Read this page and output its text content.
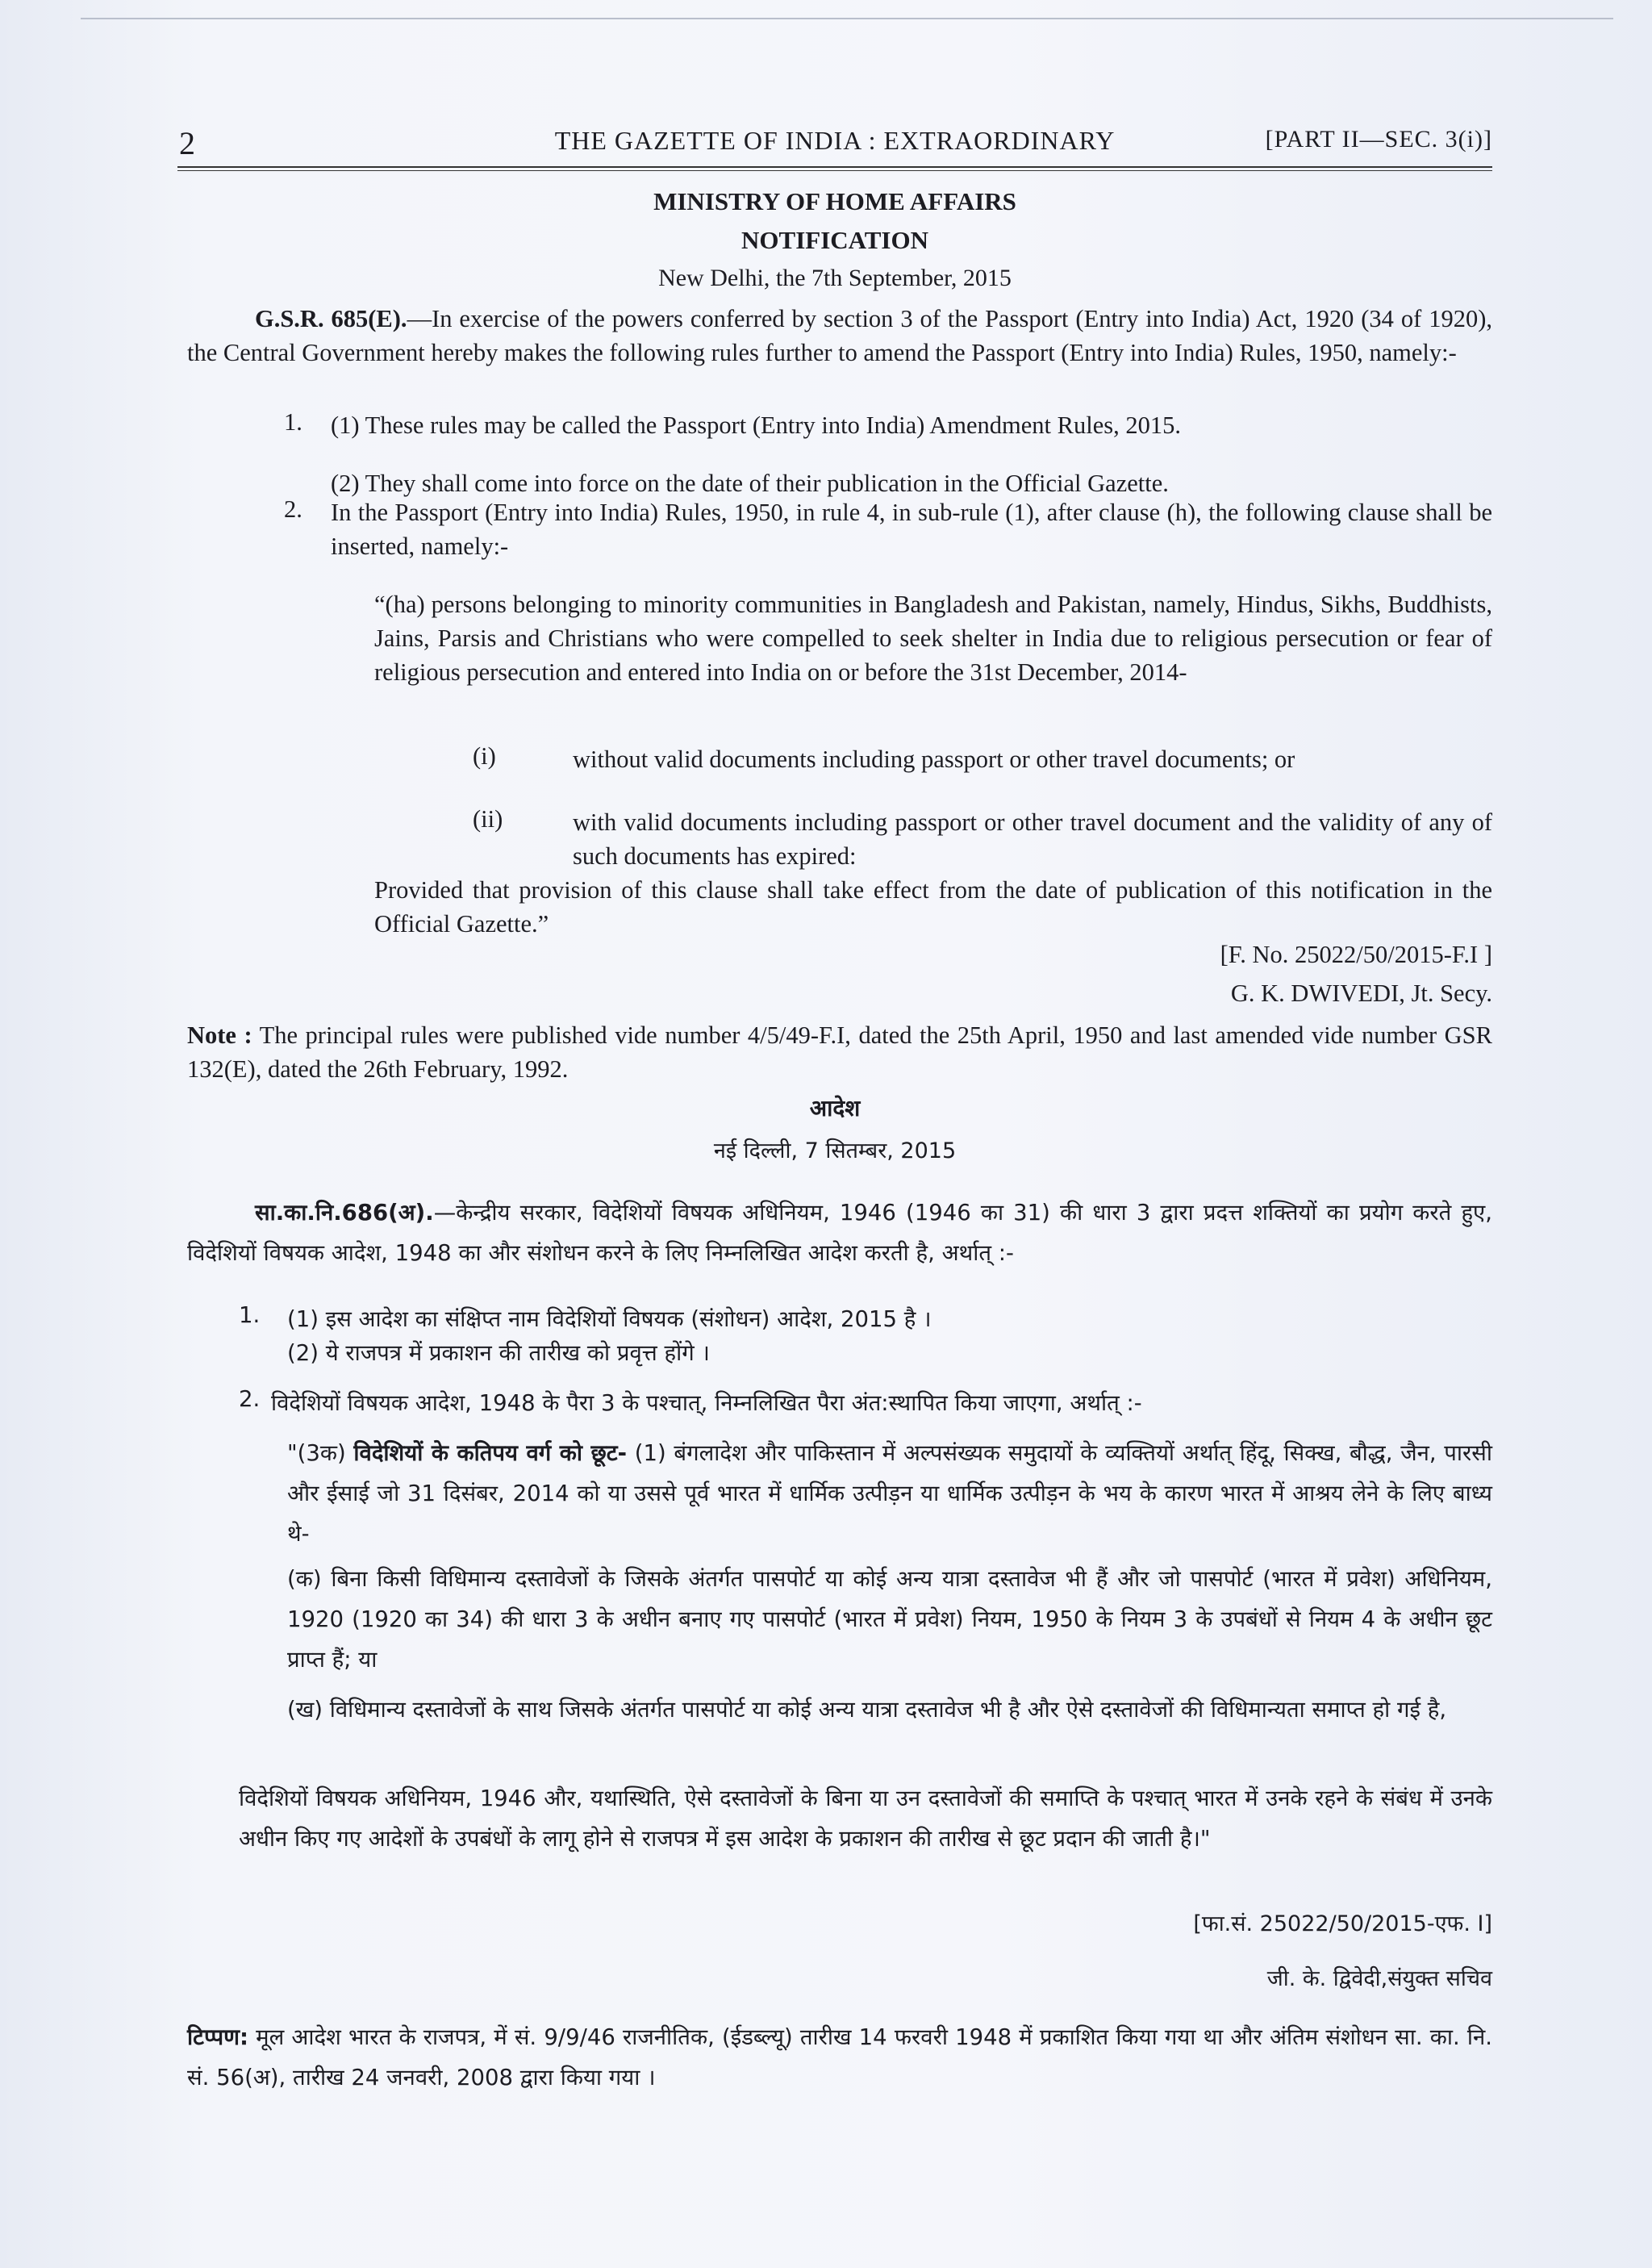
2	THE GAZETTE OF INDIA : EXTRAORDINARY	[PART II—SEC. 3(i)]
MINISTRY OF HOME AFFAIRS
NOTIFICATION
New Delhi, the 7th September, 2015
G.S.R. 685(E).—In exercise of the powers conferred by section 3 of the Passport (Entry into India) Act, 1920 (34 of 1920), the Central Government hereby makes the following rules further to amend the Passport (Entry into India) Rules, 1950, namely:-
1. (1) These rules may be called the Passport (Entry into India) Amendment Rules, 2015.
(2) They shall come into force on the date of their publication in the Official Gazette.
2. In the Passport (Entry into India) Rules, 1950, in rule 4, in sub-rule (1), after clause (h), the following clause shall be inserted, namely:-
“(ha) persons belonging to minority communities in Bangladesh and Pakistan, namely, Hindus, Sikhs, Buddhists, Jains, Parsis and Christians who were compelled to seek shelter in India due to religious persecution or fear of religious persecution and entered into India on or before the 31st December, 2014-
(i)	without valid documents including passport or other travel documents; or
(ii)	with valid documents including passport or other travel document and the validity of any of such documents has expired:
Provided that provision of this clause shall take effect from the date of publication of this notification in the Official Gazette.”
[F. No. 25022/50/2015-F.I ]
G. K. DWIVEDI, Jt. Secy.
Note : The principal rules were published vide number 4/5/49-F.I, dated the 25th April, 1950 and last amended vide number GSR 132(E), dated the 26th February, 1992.
आदेश
नई दिल्ली, 7 सितम्बर, 2015
सा.का.नि.686(अ).—केन्द्रीय सरकार, विदेशियों विषयक अधिनियम, 1946 (1946 का 31) की धारा 3 द्वारा प्रदत्त शक्तियों का प्रयोग करते हुए, विदेशियों विषयक आदेश, 1948 का और संशोधन करने के लिए निम्नलिखित आदेश करती है, अर्थात् :-
1. (1) इस आदेश का संक्षिप्त नाम विदेशियों विषयक (संशोधन) आदेश, 2015 है ।
(2) ये राजपत्र में प्रकाशन की तारीख को प्रवृत्त होंगे ।
2. विदेशियों विषयक आदेश, 1948 के पैरा 3 के पश्चात्, निम्नलिखित पैरा अंत:स्थापित किया जाएगा, अर्थात् :-
"(3क) विदेशियों के कतिपय वर्ग को छूट- (1) बंगलादेश और पाकिस्तान में अल्पसंख्यक समुदायों के व्यक्तियों अर्थात् हिंदू, सिक्ख, बौद्ध, जैन, पारसी और ईसाई जो 31 दिसंबर, 2014 को या उससे पूर्व भारत में धार्मिक उत्पीड़न या धार्मिक उत्पीड़न के भय के कारण भारत में आश्रय लेने के लिए बाध्य थे-
(क) बिना किसी विधिमान्य दस्तावेजों के जिसके अंतर्गत पासपोर्ट या कोई अन्य यात्रा दस्तावेज भी हैं और जो पासपोर्ट (भारत में प्रवेश) अधिनियम, 1920 (1920 का 34) की धारा 3 के अधीन बनाए गए पासपोर्ट (भारत में प्रवेश) नियम, 1950 के नियम 3 के उपबंधों से नियम 4 के अधीन छूट प्राप्त हैं; या
(ख) विधिमान्य दस्तावेजों के साथ जिसके अंतर्गत पासपोर्ट या कोई अन्य यात्रा दस्तावेज भी है और ऐसे दस्तावेजों की विधिमान्यता समाप्त हो गई है,
विदेशियों विषयक अधिनियम, 1946 और, यथास्थिति, ऐसे दस्तावेजों के बिना या उन दस्तावेजों की समाप्ति के पश्चात् भारत में उनके रहने के संबंध में उनके अधीन किए गए आदेशों के उपबंधों के लागू होने से राजपत्र में इस आदेश के प्रकाशन की तारीख से छूट प्रदान की जाती है।"
[फा.सं. 25022/50/2015-एफ. I]
जी. के. द्विवेदी,संयुक्त सचिव
टिप्पण: मूल आदेश भारत के राजपत्र, में सं. 9/9/46 राजनीतिक, (ईडब्ल्यू) तारीख 14 फरवरी 1948 में प्रकाशित किया गया था और अंतिम संशोधन सा. का. नि. सं. 56(अ), तारीख 24 जनवरी, 2008 द्वारा किया गया ।
